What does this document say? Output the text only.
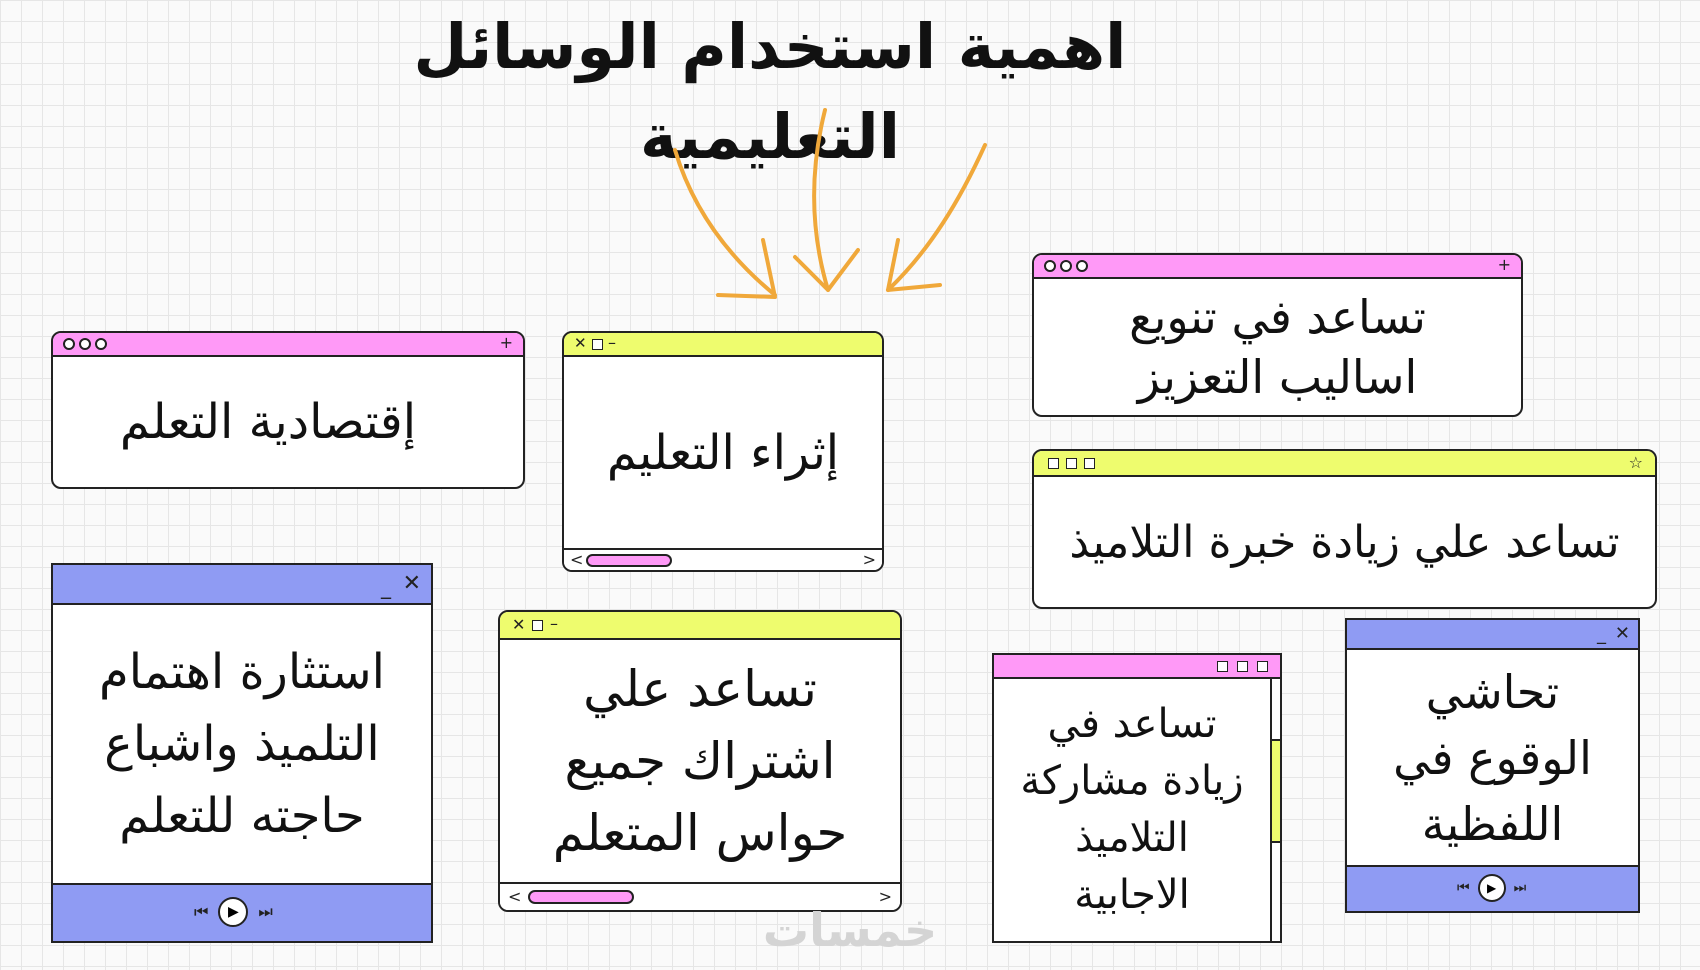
اهمية استخدام الوسائل التعليمية
+
إقتصادية التعلم
✕ –
إثراء التعليم
<	>
+
تساعد في تنويع
اساليب التعزيز
☆
تساعد علي زيادة خبرة التلاميذ
_ ✕
استثارة اهتمام
التلميذ واشباع
حاجته للتعلم
⏮ ▶ ⏭
✕ –
تساعد علي
اشتراك جميع
حواس المتعلم
<	>
تساعد في
زيادة مشاركة
التلاميذ
الاجابية
_ ✕
تحاشي
الوقوع في
اللفظية
⏮ ▶ ⏭
خمسات
